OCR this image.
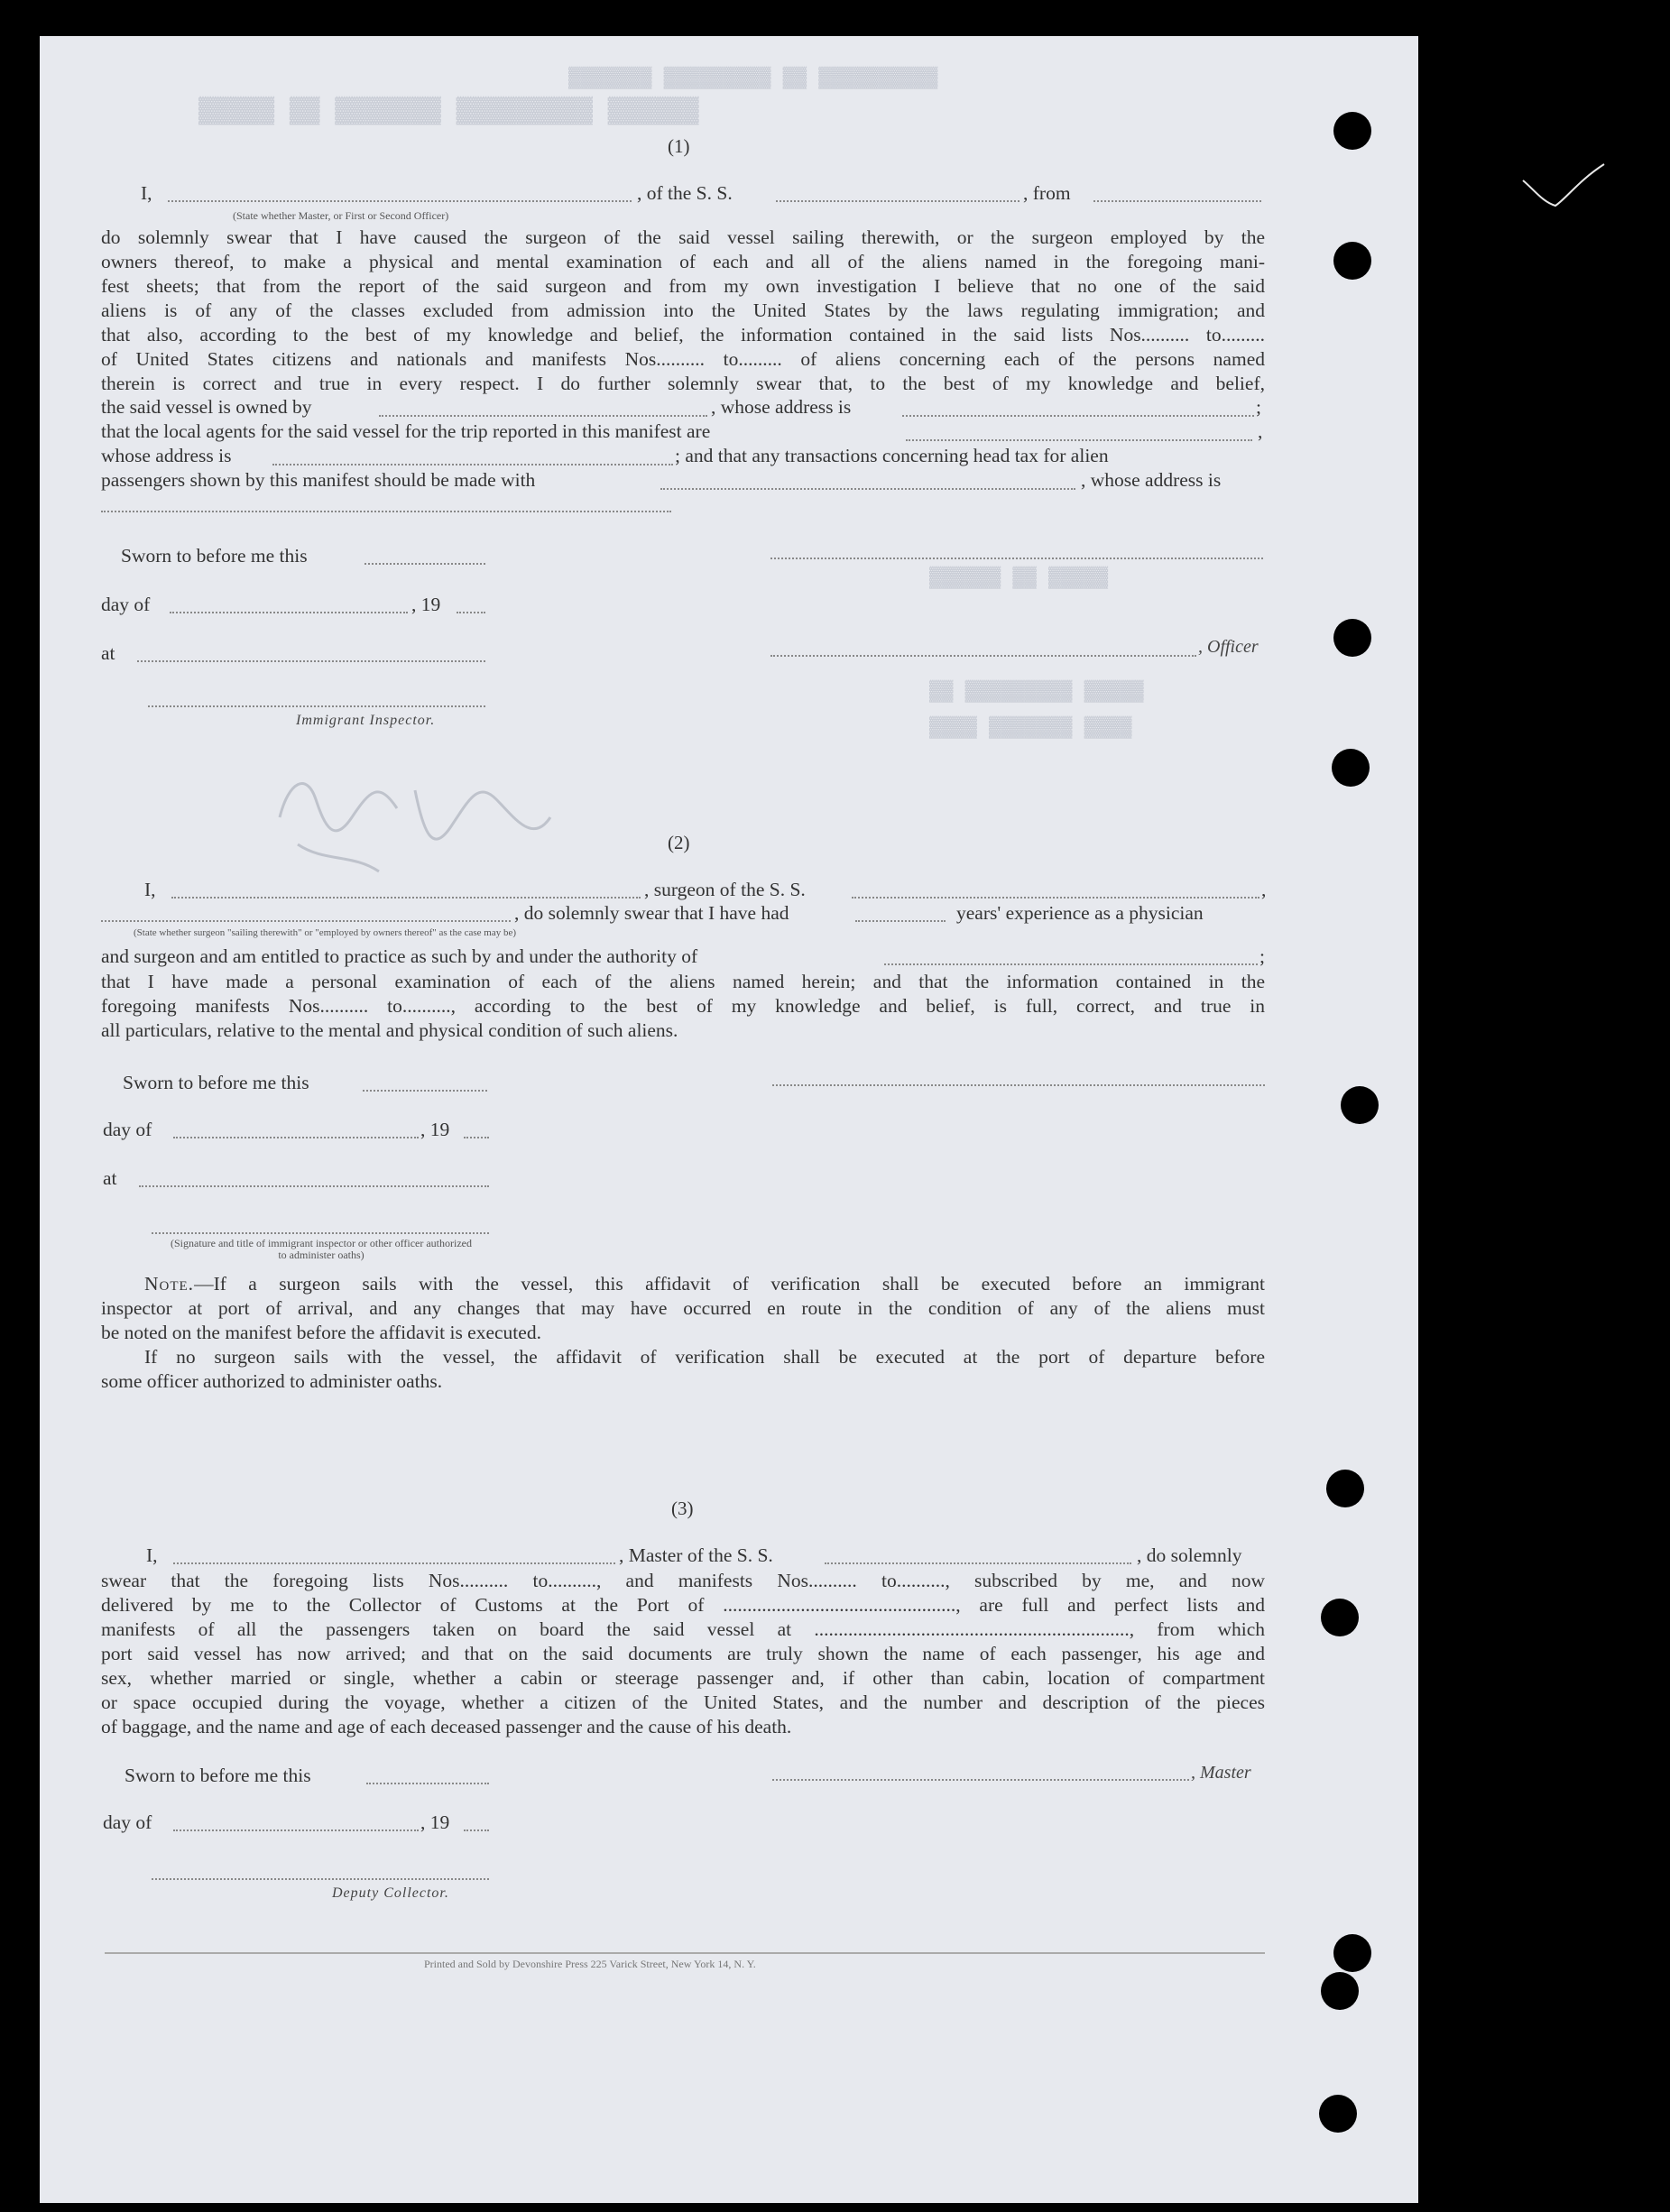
▓▓▓▓▓ ▓▓ ▓▓▓▓▓▓▓ ▓▓▓▓▓▓▓▓▓ ▓▓▓▓▓▓
▓▓▓▓▓▓▓ ▓▓▓▓▓▓▓▓▓ ▓▓ ▓▓▓▓▓▓▓▓▓▓
▓▓▓▓▓▓ ▓▓ ▓▓▓▓▓
▓▓ ▓▓▓▓▓▓▓▓▓ ▓▓▓▓▓
▓▓▓▓ ▓▓▓▓▓▓▓ ▓▓▓▓
(1)
I,	, of the S. S.	, from
(State whether Master, or First or Second Officer)
do solemnly swear that I have caused the surgeon of the said vessel sailing therewith, or the surgeon employed by the
owners thereof, to make a physical and mental examination of each and all of the aliens named in the foregoing mani-
fest sheets; that from the report of the said surgeon and from my own investigation I believe that no one of the said
aliens is of any of the classes excluded from admission into the United States by the laws regulating immigration; and
that also, according to the best of my knowledge and belief, the information contained in the said lists Nos.......... to.........
of United States citizens and nationals and manifests Nos.......... to......... of aliens concerning each of the persons named
therein is correct and true in every respect. I do further solemnly swear that, to the best of my knowledge and belief,
the said vessel is owned by	, whose address is	;
that the local agents for the said vessel for the trip reported in this manifest are	,
whose address is	; and that any transactions concerning head tax for alien
passengers shown by this manifest should be made with	, whose address is
Sworn to before me this
day of	, 19
at	, Officer
Immigrant Inspector.
(2)
I,	, surgeon of the S. S.	,
, do solemnly swear that I have had	years' experience as a physician
(State whether surgeon "sailing therewith" or "employed by owners thereof" as the case may be)
and surgeon and am entitled to practice as such by and under the authority of	;
that I have made a personal examination of each of the aliens named herein; and that the information contained in the
foregoing manifests Nos.......... to.........., according to the best of my knowledge and belief, is full, correct, and true in
all particulars, relative to the mental and physical condition of such aliens.
Sworn to before me this
day of	, 19
at
(Signature and title of immigrant inspector or other officer authorized to administer oaths)
Note.—If a surgeon sails with the vessel, this affidavit of verification shall be executed before an immigrant
inspector at port of arrival, and any changes that may have occurred en route in the condition of any of the aliens must
be noted on the manifest before the affidavit is executed.
If no surgeon sails with the vessel, the affidavit of verification shall be executed at the port of departure before
some officer authorized to administer oaths.
(3)
I,	, Master of the S. S.	, do solemnly
swear that the foregoing lists Nos.......... to.........., and manifests Nos.......... to.........., subscribed by me, and now
delivered by me to the Collector of Customs at the Port of ................................................, are full and perfect lists and
manifests of all the passengers taken on board the said vessel at ................................................................., from which
port said vessel has now arrived; and that on the said documents are truly shown the name of each passenger, his age and
sex, whether married or single, whether a cabin or steerage passenger and, if other than cabin, location of compartment
or space occupied during the voyage, whether a citizen of the United States, and the number and description of the pieces
of baggage, and the name and age of each deceased passenger and the cause of his death.
Sworn to before me this	, Master
day of	, 19
Deputy Collector.
Printed and Sold by Devonshire Press 225 Varick Street, New York 14, N. Y.
